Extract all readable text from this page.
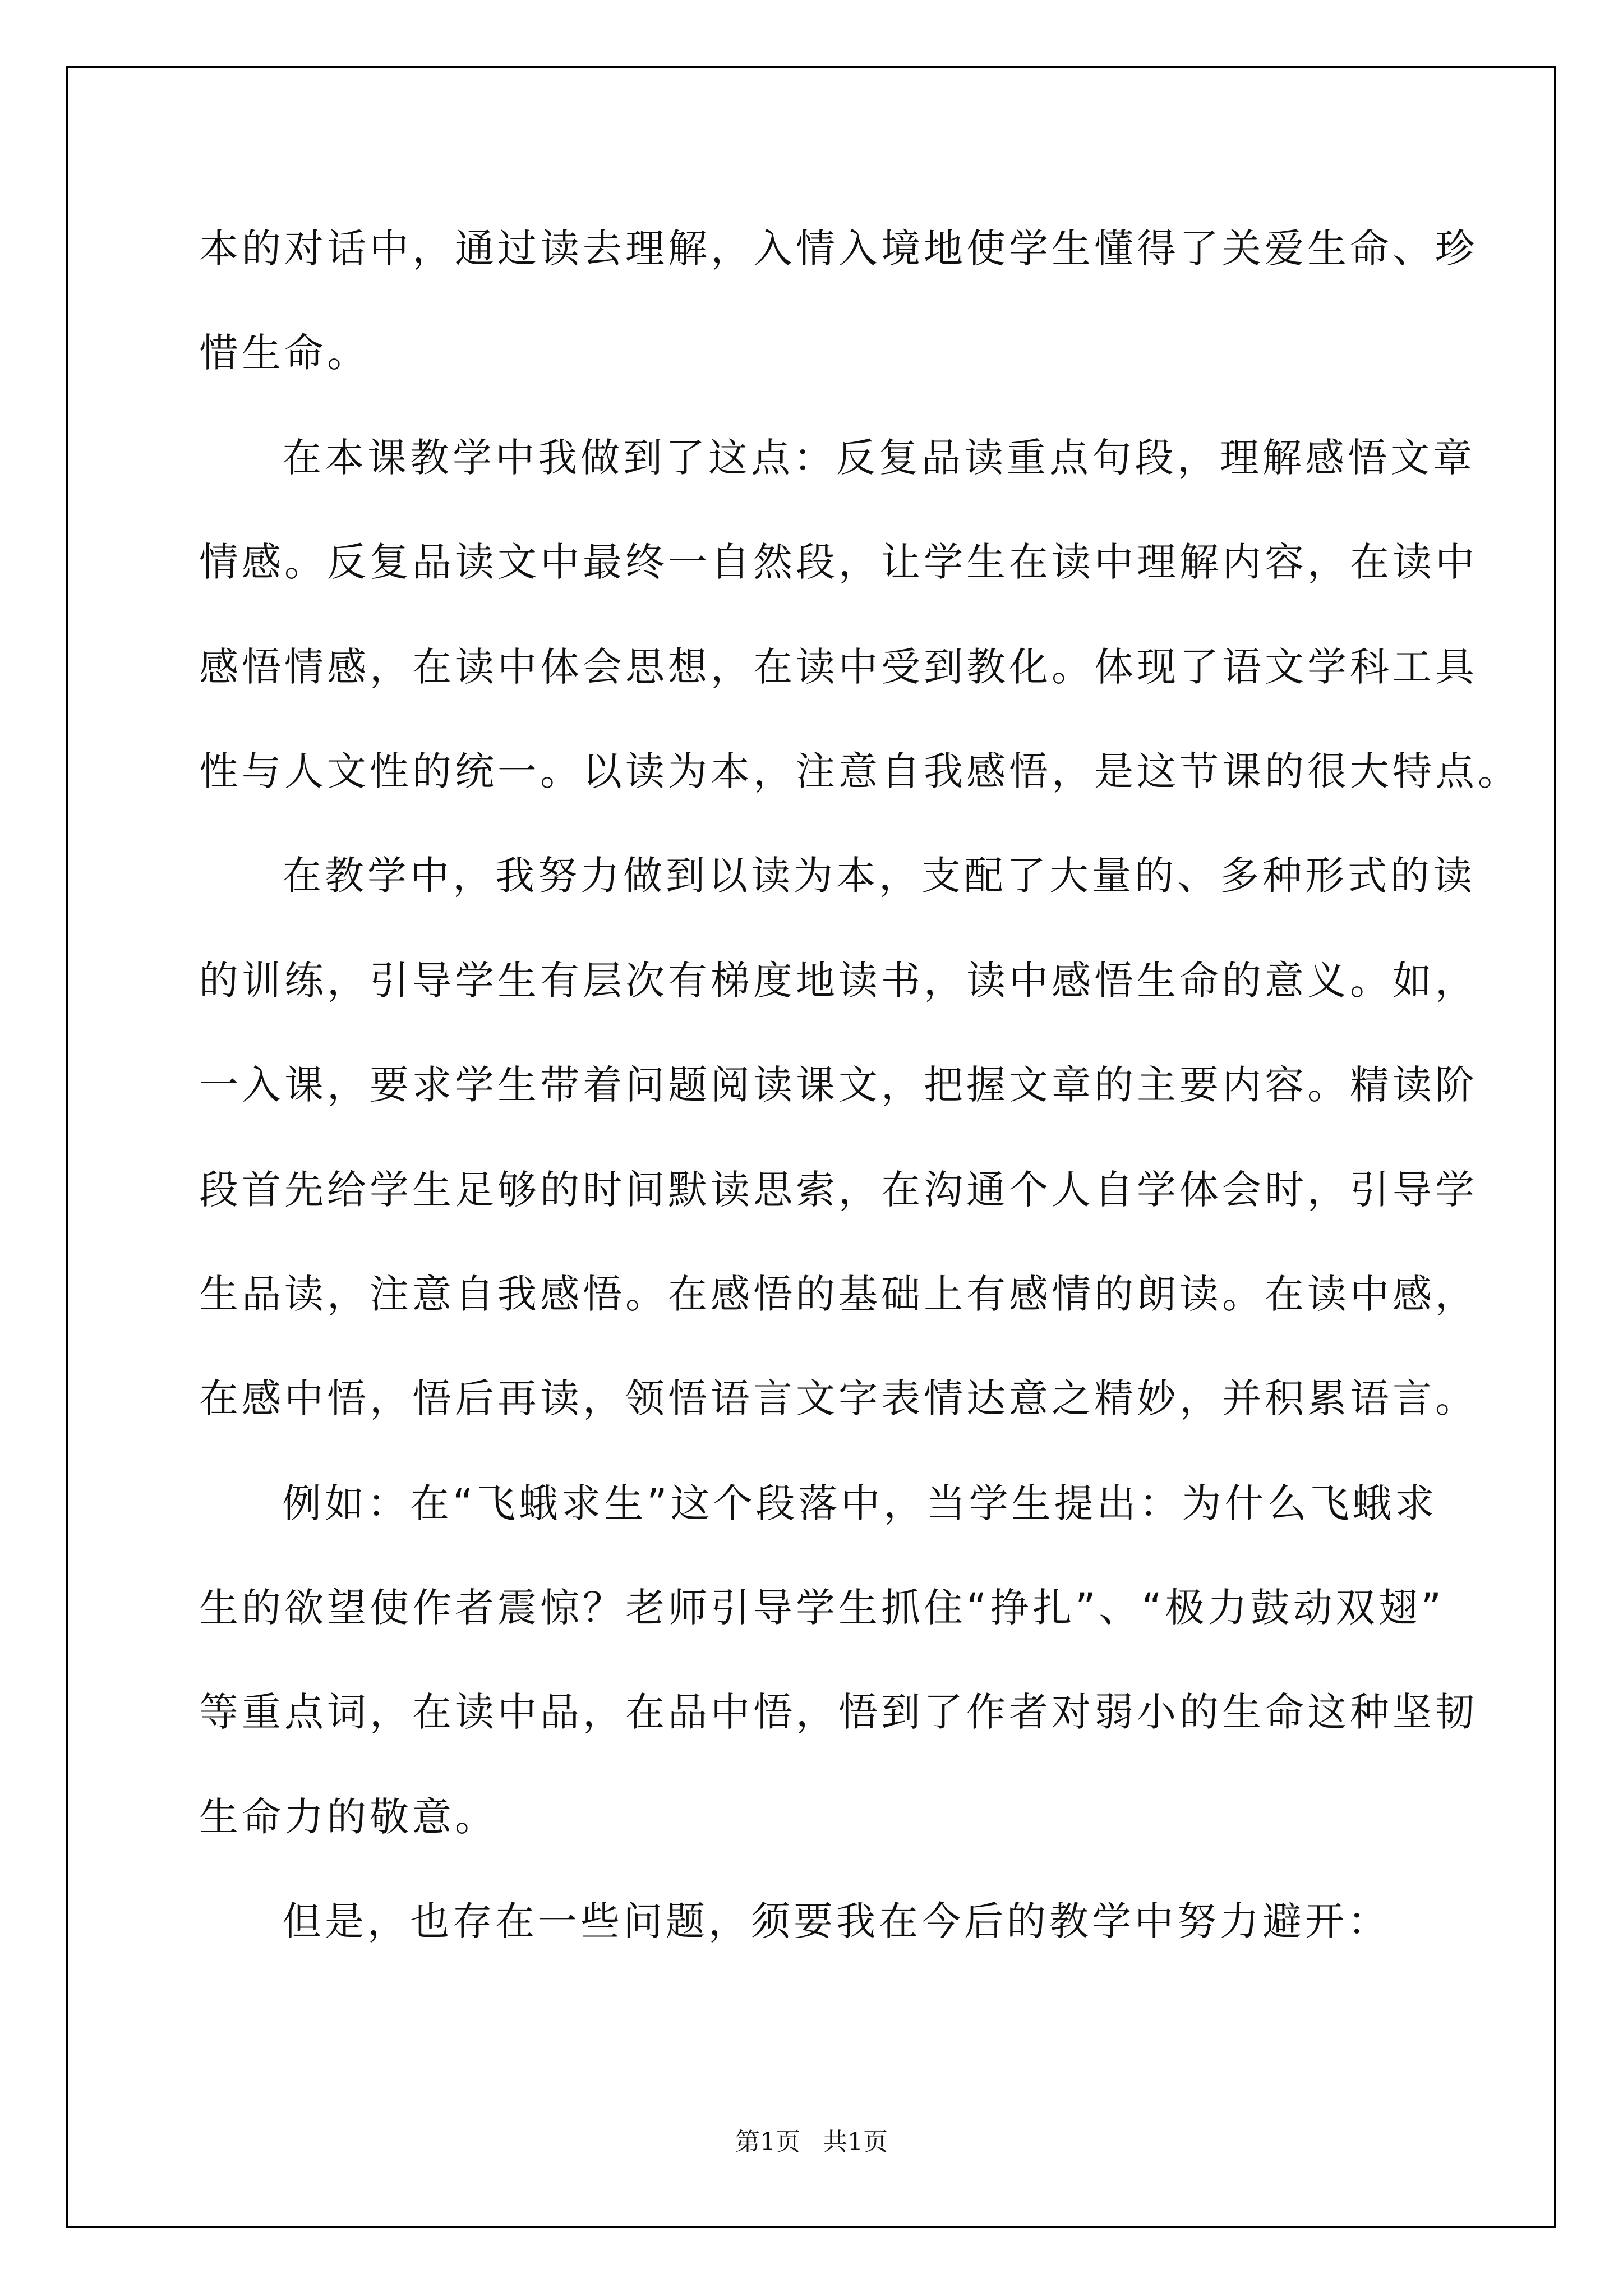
本的对话中，通过读去理解，入情入境地使学生懂得了关爱生命、珍
惜生命。

在本课教学中我做到了这点：反复品读重点句段，理解感悟文章
情感。反复品读文中最终一自然段，让学生在读中理解内容，在读中
感悟情感，在读中体会思想，在读中受到教化。体现了语文学科工具
性与人文性的统一。以读为本，注意自我感悟，是这节课的很大特点。

在教学中，我努力做到以读为本，支配了大量的、多种形式的读
的训练，引导学生有层次有梯度地读书，读中感悟生命的意义。如，
一入课，要求学生带着问题阅读课文，把握文章的主要内容。精读阶
段首先给学生足够的时间默读思索，在沟通个人自学体会时，引导学
生品读，注意自我感悟。在感悟的基础上有感情的朗读。在读中感，
在感中悟，悟后再读，领悟语言文字表情达意之精妙，并积累语言。

例如：在“飞蛾求生”这个段落中，当学生提出：为什么飞蛾求
生的欲望使作者震惊？老师引导学生抓住“挣扎”、“极力鼓动双翅”
等重点词，在读中品，在品中悟，悟到了作者对弱小的生命这种坚韧
生命力的敬意。

但是，也存在一些问题，须要我在今后的教学中努力避开：

第1页 共1页
